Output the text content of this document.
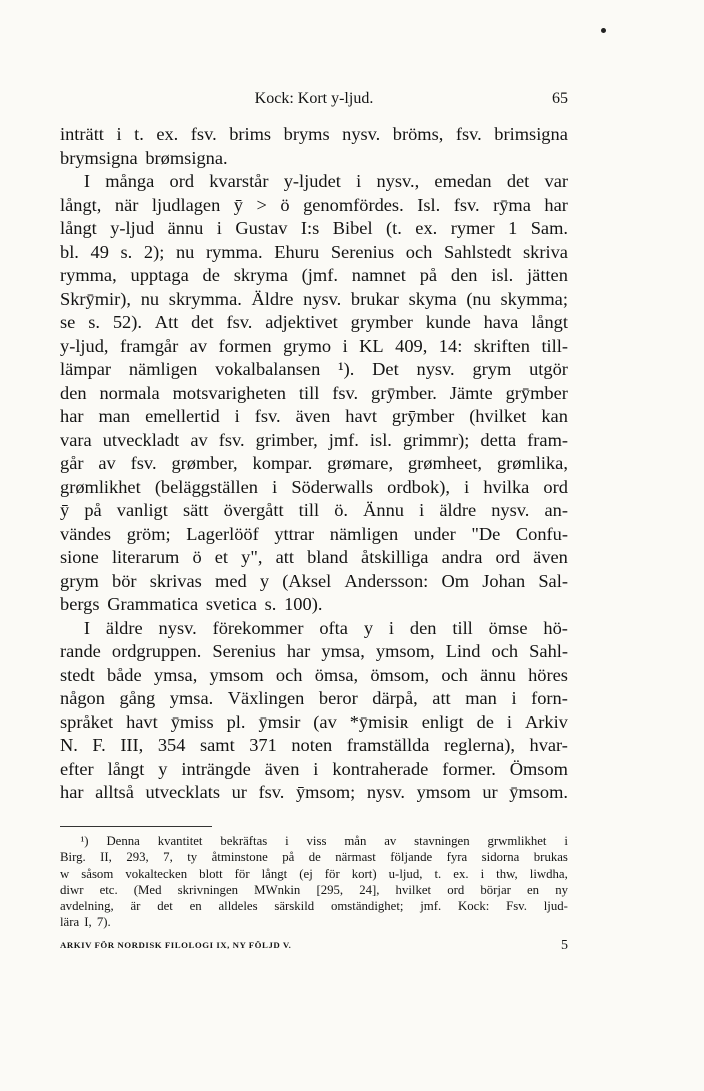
Kock: Kort y-ljud.	65
inträtt i t. ex. fsv. brims bryms nysv. bröms, fsv. brimsigna
brymsigna brømsigna.
I många ord kvarstår y-ljudet i nysv., emedan det var
långt, när ljudlagen ӯ > ö genomfördes. Isl. fsv. rȳma har
långt y-ljud ännu i Gustav I:s Bibel (t. ex. rymer 1 Sam.
bl. 49 s. 2); nu rymma. Ehuru Serenius och Sahlstedt skriva
rymma, upptaga de skryma (jmf. namnet på den isl. jätten
Skrȳmir), nu skrymma. Äldre nysv. brukar skyma (nu skymma;
se s. 52). Att det fsv. adjektivet grymber kunde hava långt
y-ljud, framgår av formen grymo i KL 409, 14: skriften till-
lämpar nämligen vokalbalansen ¹). Det nysv. grym utgör
den normala motsvarigheten till fsv. grȳmber. Jämte grȳmber
har man emellertid i fsv. även havt grӯmber (hvilket kan
vara utveckladt av fsv. grimber, jmf. isl. grimmr); detta fram-
går av fsv. grømber, kompar. grømare, grømheet, grømlika,
grømlikhet (beläggställen i Söderwalls ordbok), i hvilka ord
ӯ på vanligt sätt övergått till ö. Ännu i äldre nysv. an-
vändes gröm; Lagerlööf yttrar nämligen under "De Confu-
sione literarum ö et y", att bland åtskilliga andra ord även
grym bör skrivas med y (Aksel Andersson: Om Johan Sal-
bergs Grammatica svetica s. 100).
I äldre nysv. förekommer ofta y i den till ömse hö-
rande ordgruppen. Serenius har ymsa, ymsom, Lind och Sahl-
stedt både ymsa, ymsom och ömsa, ömsom, och ännu höres
någon gång ymsa. Växlingen beror därpå, att man i forn-
språket havt ȳmiss pl. ȳmsir (av *ȳmisiʀ enligt de i Arkiv
N. F. III, 354 samt 371 noten framställda reglerna), hvar-
efter långt y inträngde även i kontraherade former. Ömsom
har alltså utvecklats ur fsv. ӯmsom; nysv. ymsom ur ȳmsom.
¹) Denna kvantitet bekräftas i viss mån av stavningen grwmlikhet i
Birg. II, 293, 7, ty åtminstone på de närmast följande fyra sidorna brukas
w såsom vokaltecken blott för långt (ej för kort) u-ljud, t. ex. i thw, liwdha,
diwr etc. (Med skrivningen MWnkin [295, 24], hvilket ord börjar en ny
avdelning, är det en alldeles särskild omständighet; jmf. Kock: Fsv. ljud-
lära I, 7).
ARKIV FÖR NORDISK FILOLOGI IX, NY FÖLJD V.	5
